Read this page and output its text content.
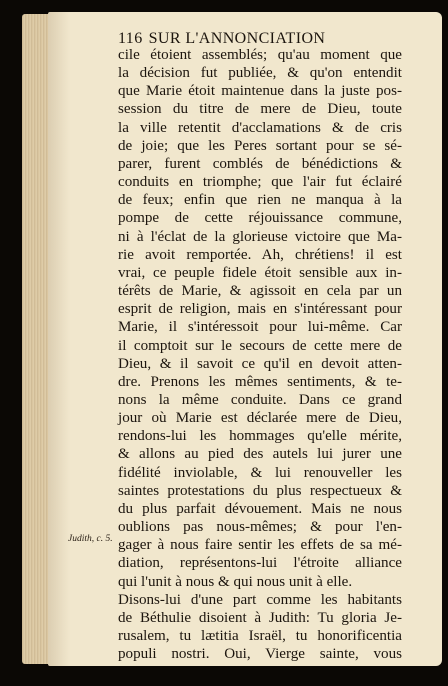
116 SUR L'ANNONCIATION
cile étoient assemblés; qu'au moment que
la décision fut publiée, & qu'on entendit
que Marie étoit maintenue dans la juste pos-
session du titre de mere de Dieu, toute
la ville retentit d'acclamations & de cris
de joie; que les Peres sortant pour se sé-
parer, furent comblés de bénédictions &
conduits en triomphe; que l'air fut éclairé
de feux; enfin que rien ne manqua à la
pompe de cette réjouissance commune,
ni à l'éclat de la glorieuse victoire que Ma-
rie avoit remportée. Ah, chrétiens! il est
vrai, ce peuple fidele étoit sensible aux in-
térêts de Marie, & agissoit en cela par un
esprit de religion, mais en s'intéressant pour
Marie, il s'intéressoit pour lui-même. Car
il comptoit sur le secours de cette mere de
Dieu, & il savoit ce qu'il en devoit atten-
dre. Prenons les mêmes sentiments, & te-
nons la même conduite. Dans ce grand
jour où Marie est déclarée mere de Dieu,
rendons-lui les hommages qu'elle mérite,
& allons au pied des autels lui jurer une
fidélité inviolable, & lui renouveller les
saintes protestations du plus respectueux &
du plus parfait dévouement. Mais ne nous
oublions pas nous-mêmes; & pour l'en-
gager à nous faire sentir les effets de sa mé-
diation, représentons-lui l'étroite alliance
qui l'unit à nous & qui nous unit à elle.
Disons-lui d'une part comme les habitants
de Béthulie disoient à Judith: Tu gloria Je-
rusalem, tu lætitia Israël, tu honorificentia
populi nostri. Oui, Vierge sainte, vous
Judith, c. 5.
